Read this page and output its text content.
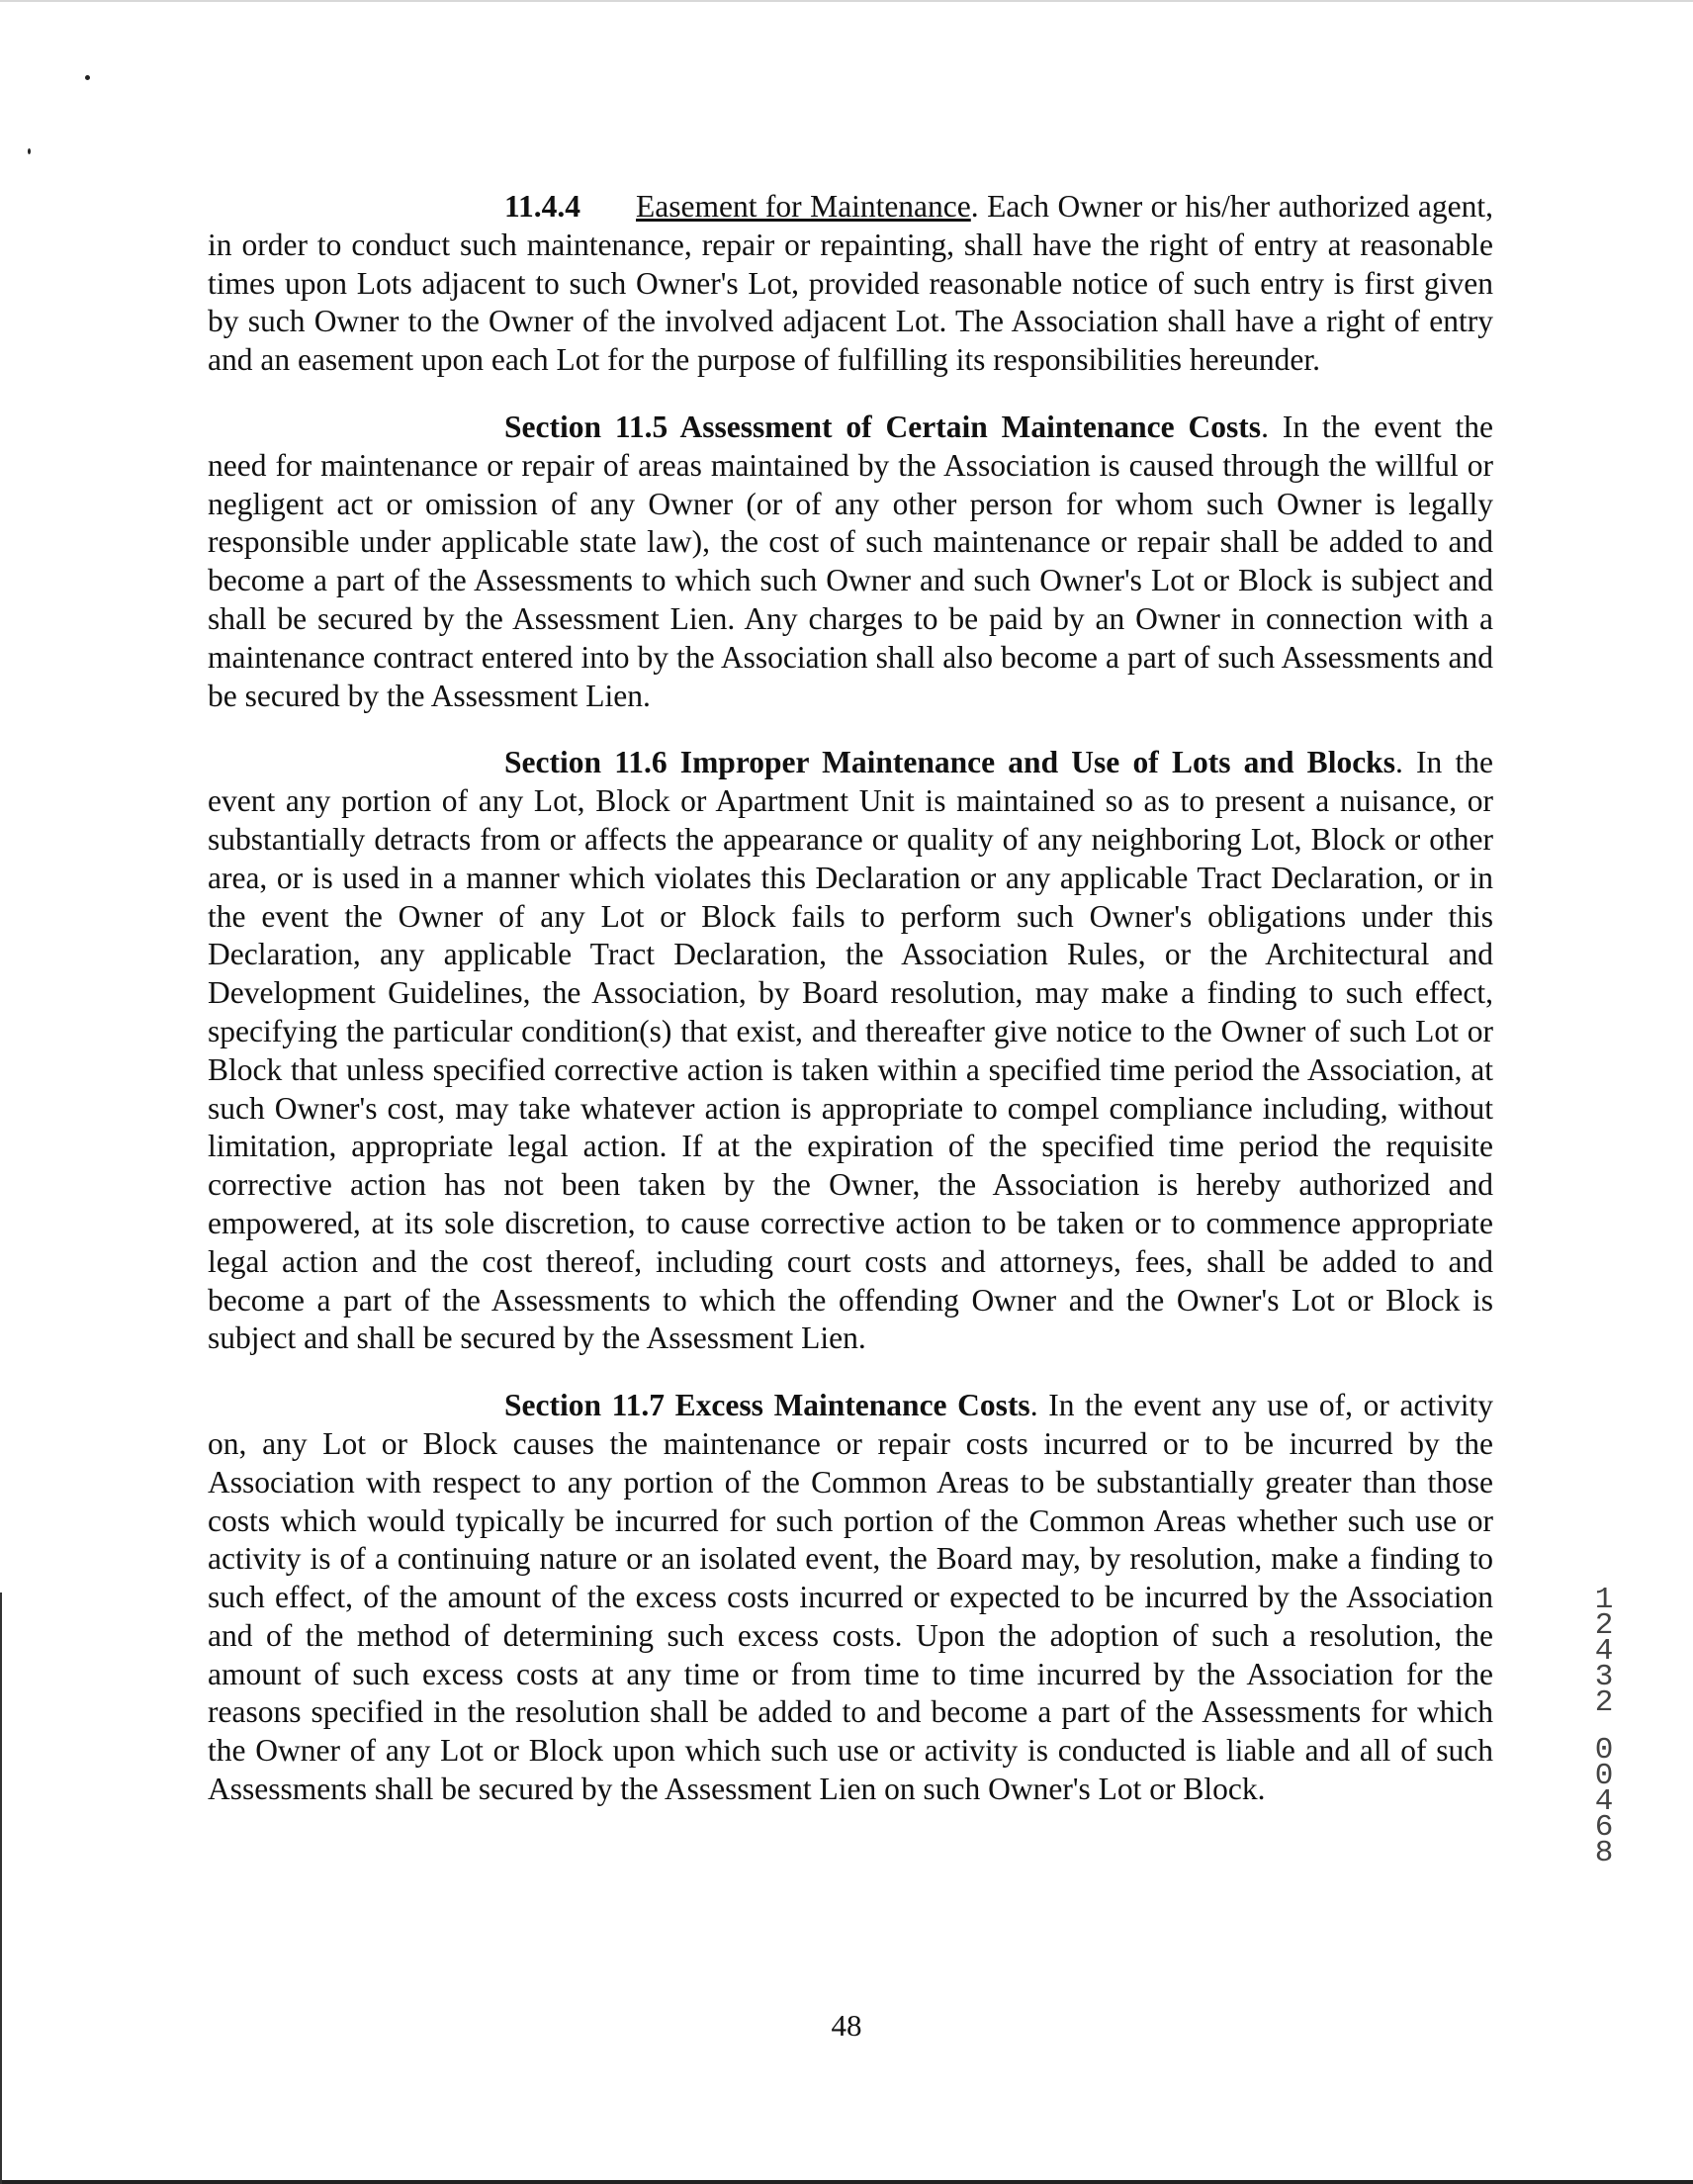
11.4.4 Easement for Maintenance. Each Owner or his/her authorized agent, in order to conduct such maintenance, repair or repainting, shall have the right of entry at reasonable times upon Lots adjacent to such Owner's Lot, provided reasonable notice of such entry is first given by such Owner to the Owner of the involved adjacent Lot. The Association shall have a right of entry and an easement upon each Lot for the purpose of fulfilling its responsibilities hereunder.

Section 11.5 Assessment of Certain Maintenance Costs. In the event the need for maintenance or repair of areas maintained by the Association is caused through the willful or negligent act or omission of any Owner (or of any other person for whom such Owner is legally responsible under applicable state law), the cost of such maintenance or repair shall be added to and become a part of the Assessments to which such Owner and such Owner's Lot or Block is subject and shall be secured by the Assessment Lien. Any charges to be paid by an Owner in connection with a maintenance contract entered into by the Association shall also become a part of such Assessments and be secured by the Assessment Lien.

Section 11.6 Improper Maintenance and Use of Lots and Blocks. In the event any portion of any Lot, Block or Apartment Unit is maintained so as to present a nuisance, or substantially detracts from or affects the appearance or quality of any neighboring Lot, Block or other area, or is used in a manner which violates this Declaration or any applicable Tract Declaration, or in the event the Owner of any Lot or Block fails to perform such Owner's obligations under this Declaration, any applicable Tract Declaration, the Association Rules, or the Architectural and Development Guidelines, the Association, by Board resolution, may make a finding to such effect, specifying the particular condition(s) that exist, and thereafter give notice to the Owner of such Lot or Block that unless specified corrective action is taken within a specified time period the Association, at such Owner's cost, may take whatever action is appropriate to compel compliance including, without limitation, appropriate legal action. If at the expiration of the specified time period the requisite corrective action has not been taken by the Owner, the Association is hereby authorized and empowered, at its sole discretion, to cause corrective action to be taken or to commence appropriate legal action and the cost thereof, including court costs and attorneys, fees, shall be added to and become a part of the Assessments to which the offending Owner and the Owner's Lot or Block is subject and shall be secured by the Assessment Lien.

Section 11.7 Excess Maintenance Costs. In the event any use of, or activity on, any Lot or Block causes the maintenance or repair costs incurred or to be incurred by the Association with respect to any portion of the Common Areas to be substantially greater than those costs which would typically be incurred for such portion of the Common Areas whether such use or activity is of a continuing nature or an isolated event, the Board may, by resolution, make a finding to such effect, of the amount of the excess costs incurred or expected to be incurred by the Association and of the method of determining such excess costs. Upon the adoption of such a resolution, the amount of such excess costs at any time or from time to time incurred by the Association for the reasons specified in the resolution shall be added to and become a part of the Assessments for which the Owner of any Lot or Block upon which such use or activity is conducted is liable and all of such Assessments shall be secured by the Assessment Lien on such Owner's Lot or Block.

48
1
2
4
3
2
0
0
4
6
8
